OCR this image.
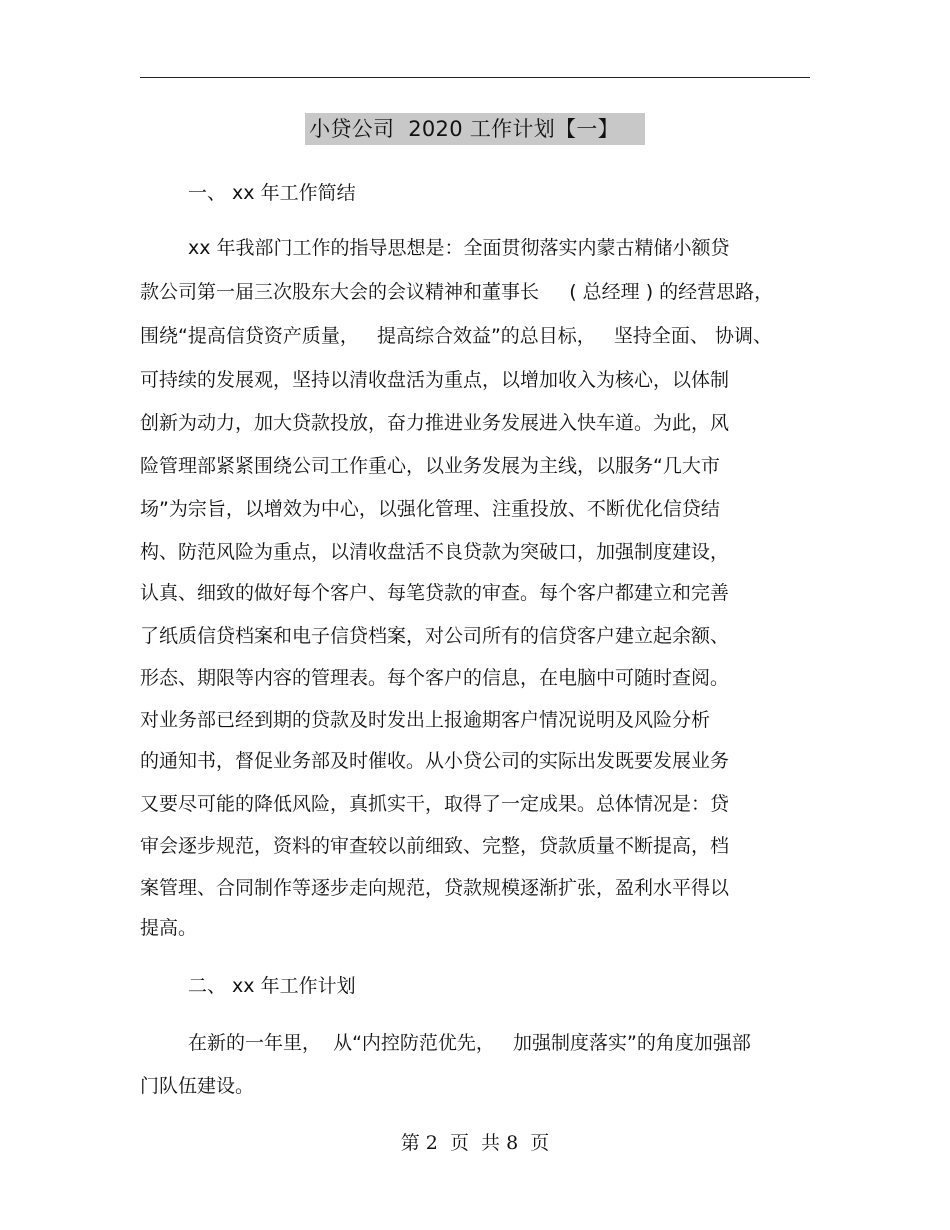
小贷公司  2020 工作计划【一】
一、 xx 年工作简结
xx 年我部门工作的指导思想是：全面贯彻落实内蒙古精储小额贷
款公司第一届三次股东大会的会议精神和董事长     ( 总经理 ) 的经营思路，
围绕“提高信贷资产质量，   提高综合效益”的总目标，   坚持全面、 协调、
可持续的发展观，坚持以清收盘活为重点，以增加收入为核心，以体制
创新为动力，加大贷款投放，奋力推进业务发展进入快车道。为此，风
险管理部紧紧围绕公司工作重心，以业务发展为主线，以服务“几大市
场”为宗旨，以增效为中心，以强化管理、注重投放、不断优化信贷结
构、防范风险为重点，以清收盘活不良贷款为突破口，加强制度建设，
认真、细致的做好每个客户、每笔贷款的审查。每个客户都建立和完善
了纸质信贷档案和电子信贷档案，对公司所有的信贷客户建立起余额、
形态、期限等内容的管理表。每个客户的信息，在电脑中可随时查阅。
对业务部已经到期的贷款及时发出上报逾期客户情况说明及风险分析
的通知书，督促业务部及时催收。从小贷公司的实际出发既要发展业务
又要尽可能的降低风险，真抓实干，取得了一定成果。总体情况是：贷
审会逐步规范，资料的审查较以前细致、完整，贷款质量不断提高，档
案管理、合同制作等逐步走向规范，贷款规模逐渐扩张，盈利水平得以
提高。
二、 xx 年工作计划
在新的一年里，  从“内控防范优先，   加强制度落实”的角度加强部
门队伍建设。
第 2  页  共 8  页
